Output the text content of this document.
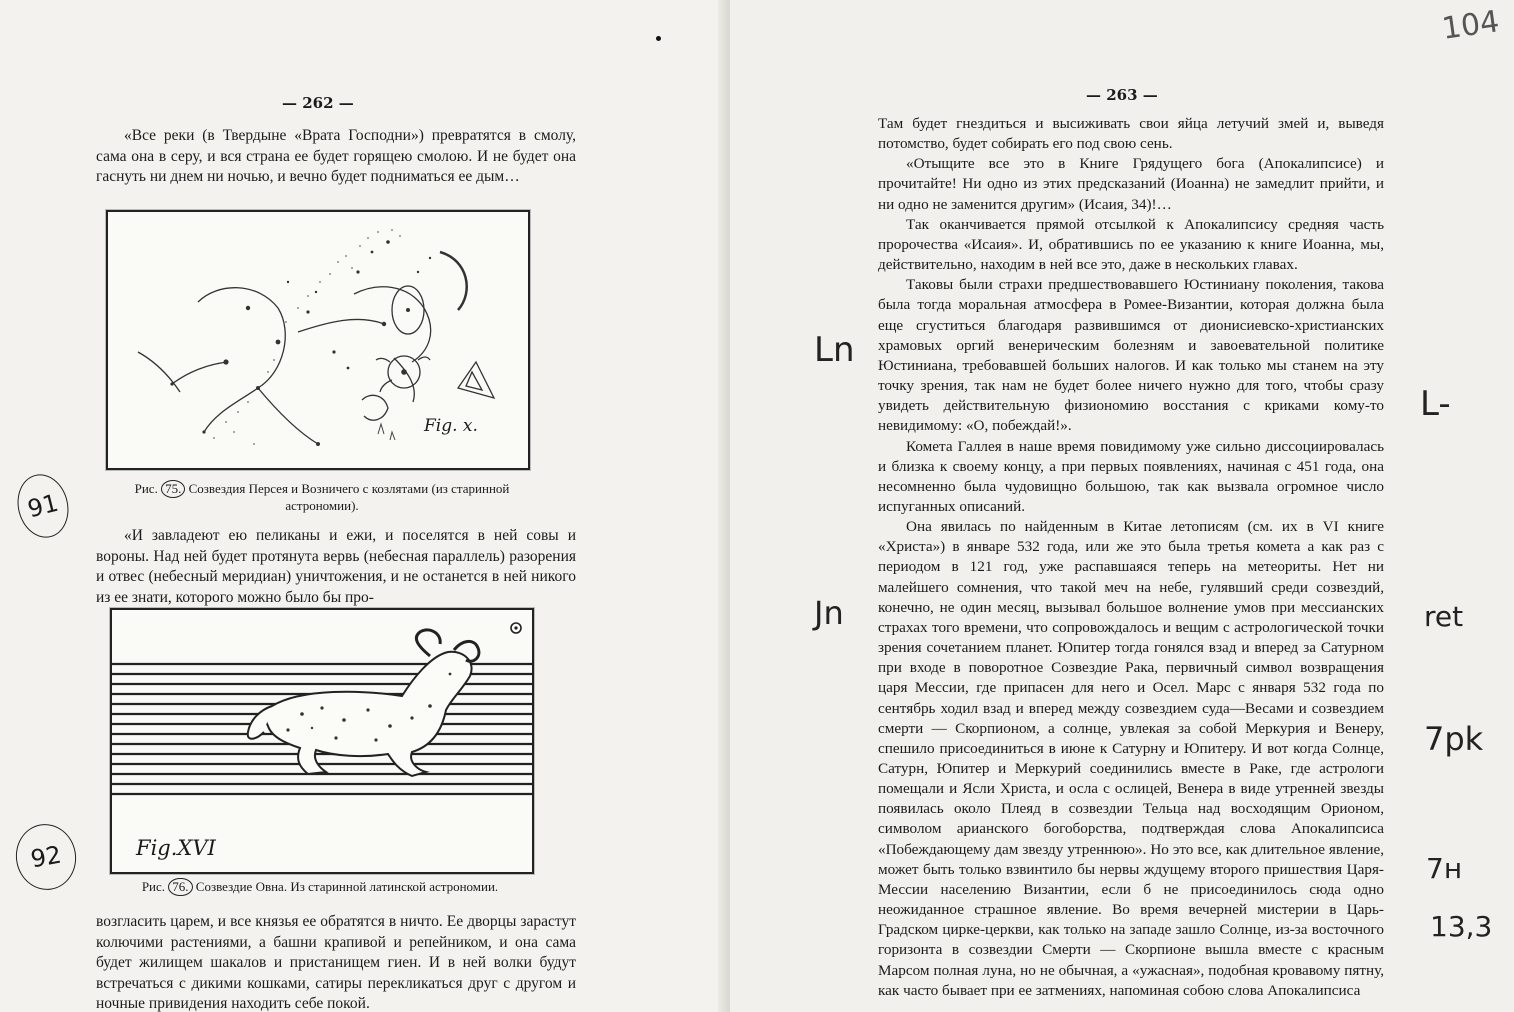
— 262 —

«Все реки (в Твердыне «Врата Господни») превратятся в смолу, сама она в серу, и вся страна ее будет горящею смолою. И не будет она гаснуть ни днем ни ночью, и вечно будет подниматься ее дым…

Fig. x.
Рис. 75. Созвездия Персея и Возничего с козлятами (из старинной астрономии).

«И завладеют ею пеликаны и ежи, и поселятся в ней совы и вороны. Над ней будет протянута вервь (небесная параллель) разорения и отвес (небесный меридиан) уничтожения, и не останется в ней никого из ее знати, которого можно было бы про-

Fig.XVI
Рис. 76. Созвездие Овна. Из старинной латинской астрономии.

возгласить царем, и все князья ее обратятся в ничто. Ее дворцы зарастут колючими растениями, а башни крапивой и репейником, и она сама будет жилищем шакалов и пристанищем гиен. И в ней волки будут встречаться с дикими кошками, сатиры перекликаться друг с другом и ночные привидения находить себе покой.

91
92
— 263 —

Там будет гнездиться и высиживать свои яйца летучий змей и, выведя потомство, будет собирать его под свою сень.

«Отыщите все это в Книге Грядущего бога (Апокалипсисе) и прочитайте! Ни одно из этих предсказаний (Иоанна) не замедлит прийти, и ни одно не заменится другим» (Исаия, 34)!…

Так оканчивается прямой отсылкой к Апокалипсису средняя часть пророчества «Исаия». И, обратившись по ее указанию к книге Иоанна, мы, действительно, находим в ней все это, даже в нескольких главах.

Таковы были страхи предшествовавшего Юстиниану поколения, такова была тогда моральная атмосфера в Ромее-Византии, которая должна была еще сгуститься благодаря развившимся от дионисиевско-христианских храмовых оргий венерическим болезням и завоевательной политике Юстиниана, требовавшей больших налогов. И как только мы станем на эту точку зрения, так нам не будет более ничего нужно для того, чтобы сразу увидеть действительную физиономию восстания с криками кому-то невидимому: «О, побеждай!».

Комета Галлея в наше время повидимому уже сильно диссоциировалась и близка к своему концу, а при первых появлениях, начиная с 451 года, она несомненно была чудовищно большою, так как вызвала огромное число испуганных описаний.

Она явилась по найденным в Китае летописям (см. их в VI книге «Христа») в январе 532 года, или же это была третья комета а как раз с периодом в 121 год, уже распавшаяся теперь на метеориты. Нет ни малейшего сомнения, что такой меч на небе, гулявший среди созвездий, конечно, не один месяц, вызывал большое волнение умов при мессианских страхах того времени, что сопровождалось и вещим с астрологической точки зрения сочетанием планет. Юпитер тогда гонялся взад и вперед за Сатурном при входе в поворотное Созвездие Рака, первичный символ возвращения царя Мессии, где припасен для него и Осел. Марс с января 532 года по сентябрь ходил взад и вперед между созвездием суда—Весами и созвездием смерти — Скорпионом, а солнце, увлекая за собой Меркурия и Венеру, спешило присоединиться в июне к Сатурну и Юпитеру. И вот когда Солнце, Сатурн, Юпитер и Меркурий соединились вместе в Раке, где астрологи помещали и Ясли Христа, и осла с ослицей, Венера в виде утренней звезды появилась около Плеяд в созвездии Тельца над восходящим Орионом, символом арианского богоборства, подтверждая слова Апокалипсиса «Побеждающему дам звезду утреннюю». Но это все, как длительное явление, может быть только взвинтило бы нервы ждущему второго пришествия Царя-Мессии населению Византии, если б не присоединилось сюда одно неожиданное страшное явление. Во время вечерней мистерии в Царь-Градском цирке-церкви, как только на западе зашло Солнце, из-за восточного горизонта в созвездии Смерти — Скорпионе вышла вместе с красным Марсом полная луна, но не обычная, а «ужасная», подобная кровавому пятну, как часто бывает при ее затмениях, напоминая собою слова Апокалипсиса

104
Ln
L-
Jn	ret
7pk
7н
13,3
